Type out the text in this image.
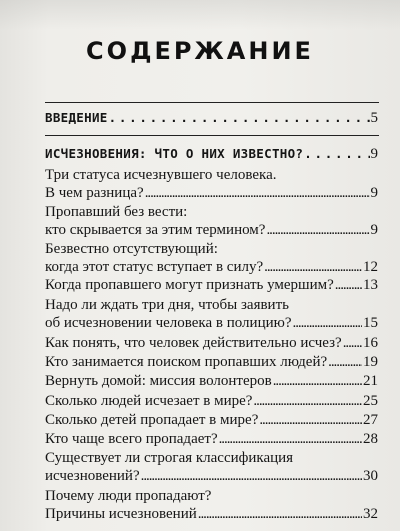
СОДЕРЖАНИЕ
ВВЕДЕНИЕ . . .	5
ИСЧЕЗНОВЕНИЯ: ЧТО О НИХ ИЗВЕСТНО? . . .	9
Три статуса исчезнувшего человека.
В чем разница? . . .	9
Пропавший без вести:
кто скрывается за этим термином? . . .	9
Безвестно отсутствующий:
когда этот статус вступает в силу? . . .	12
Когда пропавшего могут признать умершим? . . . 13
Надо ли ждать три дня, чтобы заявить
об исчезновении человека в полицию? . . .	15
Как понять, что человек действительно исчез? . . . 16
Кто занимается поиском пропавших людей? . . . 19
Вернуть домой: миссия волонтеров . . .	21
Сколько людей исчезает в мире? . . .	25
Сколько детей пропадает в мире? . . .	27
Кто чаще всего пропадает? . . .	28
Существует ли строгая классификация
исчезновений? . . .	30
Почему люди пропадают?
Причины исчезновений . . .	32
